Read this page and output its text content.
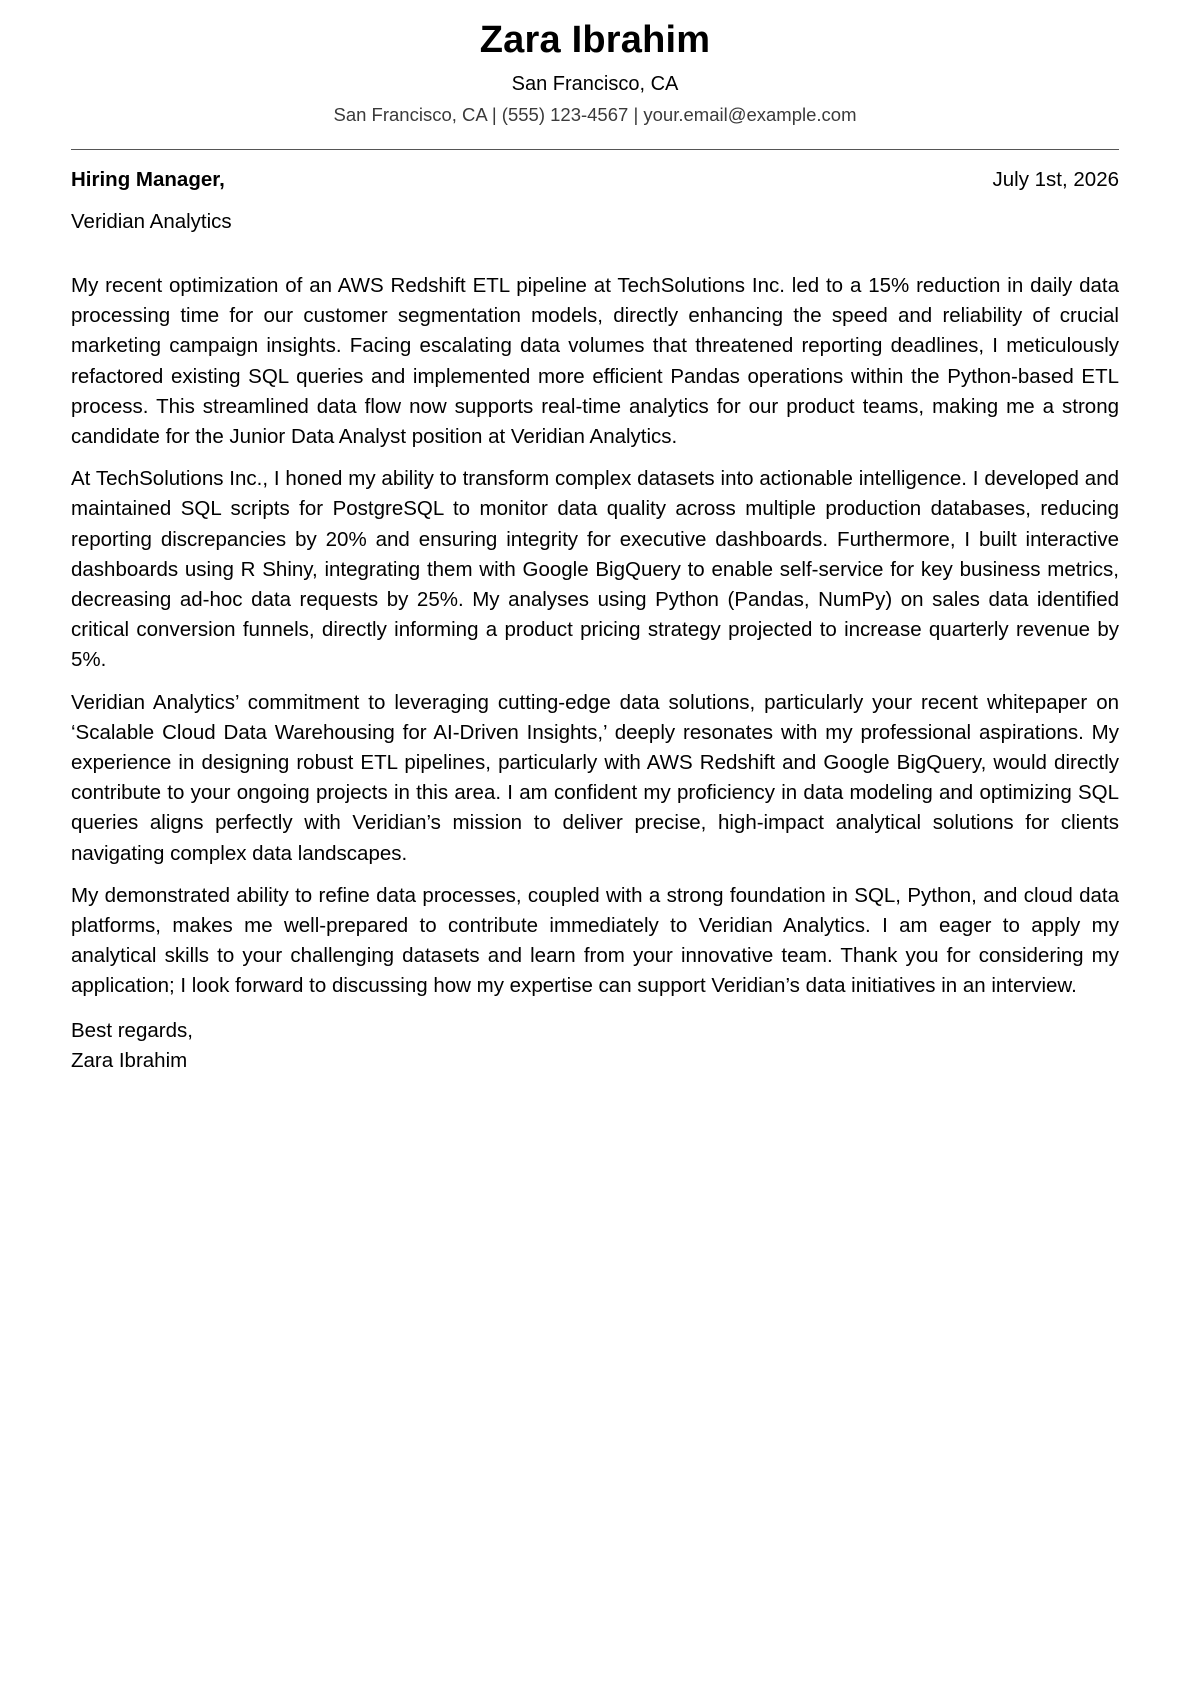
Zara Ibrahim
San Francisco, CA
San Francisco, CA | (555) 123-4567 | your.email@example.com
Hiring Manager,	July 1st, 2026
Veridian Analytics

My recent optimization of an AWS Redshift ETL pipeline at TechSolutions Inc. led to a 15% reduction in daily data processing time for our customer segmentation models, directly enhancing the speed and reliability of crucial marketing campaign insights. Facing escalating data volumes that threatened reporting deadlines, I meticulously refactored existing SQL queries and implemented more efficient Pandas operations within the Python-based ETL process. This streamlined data flow now supports real-time analytics for our product teams, making me a strong candidate for the Junior Data Analyst position at Veridian Analytics.

At TechSolutions Inc., I honed my ability to transform complex datasets into actionable intelligence. I developed and maintained SQL scripts for PostgreSQL to monitor data quality across multiple production databases, reducing reporting discrepancies by 20% and ensuring integrity for executive dashboards. Furthermore, I built interactive dashboards using R Shiny, integrating them with Google BigQuery to enable self-service for key business metrics, decreasing ad-hoc data requests by 25%. My analyses using Python (Pandas, NumPy) on sales data identified critical conversion funnels, directly informing a product pricing strategy projected to increase quarterly revenue by 5%.

Veridian Analytics’ commitment to leveraging cutting-edge data solutions, particularly your recent whitepaper on ‘Scalable Cloud Data Warehousing for AI-Driven Insights,’ deeply resonates with my professional aspirations. My experience in designing robust ETL pipelines, particularly with AWS Redshift and Google BigQuery, would directly contribute to your ongoing projects in this area. I am confident my proficiency in data modeling and optimizing SQL queries aligns perfectly with Veridian’s mission to deliver precise, high-impact analytical solutions for clients navigating complex data landscapes.

My demonstrated ability to refine data processes, coupled with a strong foundation in SQL, Python, and cloud data platforms, makes me well-prepared to contribute immediately to Veridian Analytics. I am eager to apply my analytical skills to your challenging datasets and learn from your innovative team. Thank you for considering my application; I look forward to discussing how my expertise can support Veridian’s data initiatives in an interview.

Best regards,
Zara Ibrahim
